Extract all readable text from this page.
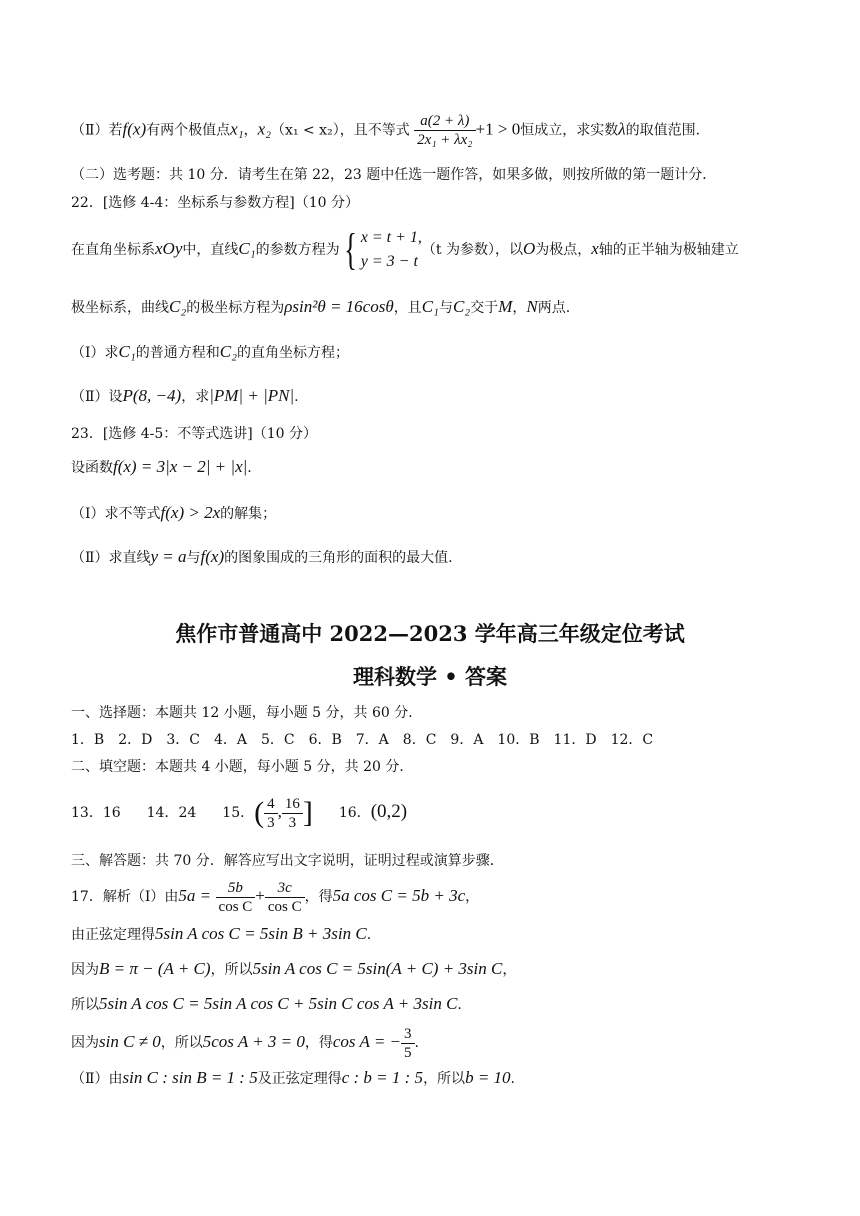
（Ⅱ）若f(x)有两个极值点x₁，x₂（x₁ < x₂），且不等式 $\frac{a(2 + \lambda)}{\text{2x₁ + λx₂}} +1 > 0$恒成立，求实数λ的取值范围.
（二）选考题：共 10 分．请考生在第 22，23 题中任选一题作答，如果多做，则按所做的第一题计分．
22．[选修 4-4：坐标系与参数方程]（10 分）
在直角坐标系xOy中，直线C₁的参数方程为{ x = t + 1,
y = 3 − t
（t 为参数），以O为极点，x轴的正半轴为极轴建立
极坐标系，曲线C₂的极坐标方程为ρsin²θ = 16cosθ，且C₁与C₂交于M，N两点.
（Ⅰ）求C₁的普通方程和C₂的直角坐标方程；
（Ⅱ）设P(8, −4)，求|PM| + |PN|.
23．[选修 4-5：不等式选讲]（10 分）
设函数f(x) = 3|x − 2| + |x|.
（Ⅰ）求不等式f(x) > 2x的解集；
（Ⅱ）求直线y = a与f(x)的图象围成的三角形的面积的最大值.
焦作市普通高中 2022—2023 学年高三年级定位考试
理科数学 • 答案
一、选择题：本题共 12 小题，每小题 5 分，共 60 分．
1．B　2．D　3．C　4．A　5．C　6．B　7．A　8．C　9．A　10．B　11．D　12．C
二、填空题：本题共 4 小题，每小题 5 分，共 20 分．
13．16 14．24 15．( $\frac{4}{3}$ , $\frac{16}{3}$ ] 16．(0,2)
三、解答题：共 70 分．解答应写出文字说明，证明过程或演算步骤．
17．解析（Ⅰ）由$5a = \frac{5b}{\text{cos C}} + \frac{3c}{\text{cos C}}$ ，得5a cos C = 5b + 3c，
由正弦定理得5sin A cos C = 5sin B + 3sin C.
因为B = π − (A + C)，所以5sin A cos C = 5sin(A + C) + 3sin C，
所以5sin A cos C = 5sin A cos C + 5sin C cos A + 3sin C.
因为sin C ≠ 0，所以5cos A + 3 = 0，得cos A = − $\frac{3}{5}$ .
（Ⅱ）由sin C : sin B = 1 : 5及正弦定理得c : b = 1 : 5，所以b = 10.
